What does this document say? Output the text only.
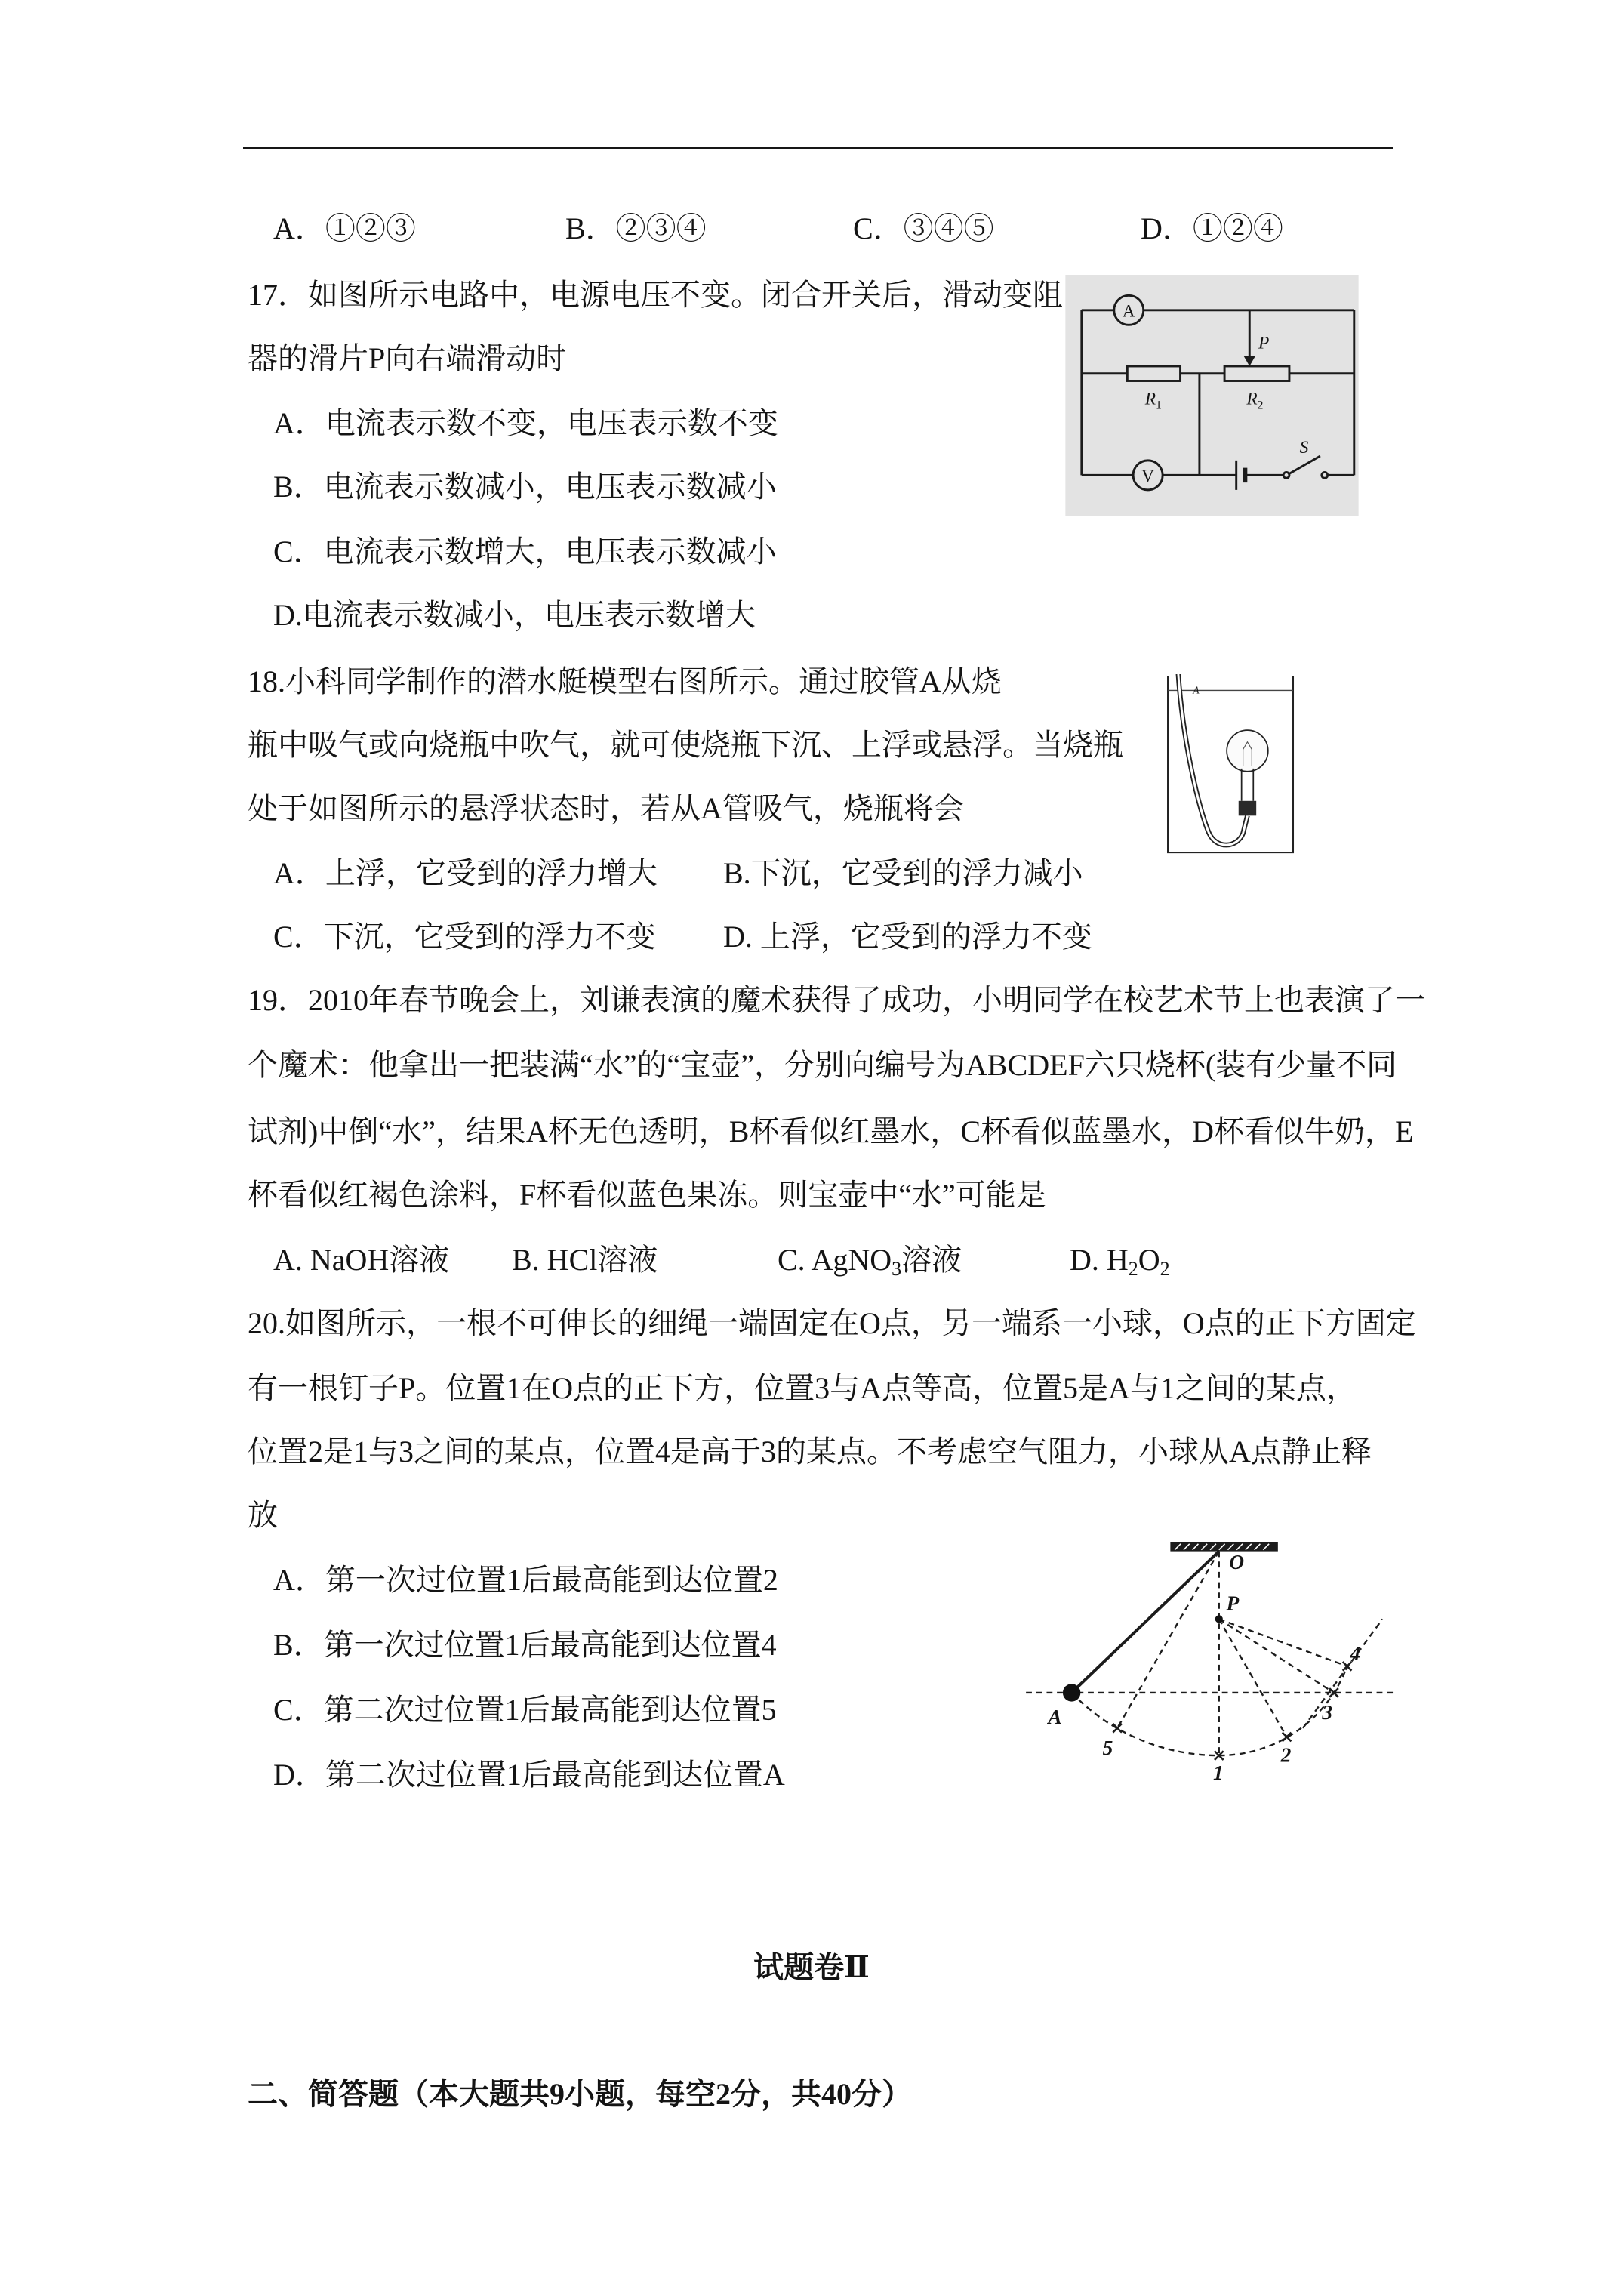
A．①②③	B．②③④	C．③④⑤	D．①②④
17．如图所示电路中，电源电压不变。闭合开关后，滑动变阻
器的滑片P向右端滑动时
A．电流表示数不变，电压表示数不变
B．电流表示数减小，电压表示数减小
C．电流表示数增大，电压表示数减小
D.电流表示数减小，电压表示数增大
A
V
P
$R_1$	$R_2$
S
18.小科同学制作的潜水艇模型右图所示。通过胶管A从烧
瓶中吸气或向烧瓶中吹气，就可使烧瓶下沉、上浮或悬浮。当烧瓶
处于如图所示的悬浮状态时，若从A管吸气，烧瓶将会
A．上浮，它受到的浮力增大 B.下沉，它受到的浮力减小
C．下沉，它受到的浮力不变 D. 上浮，它受到的浮力不变
A
19．2010年春节晚会上，刘谦表演的魔术获得了成功，小明同学在校艺术节上也表演了一
个魔术：他拿出一把装满“水”的“宝壶”，分别向编号为ABCDEF六只烧杯(装有少量不同
试剂)中倒“水”，结果A杯无色透明，B杯看似红墨水，C杯看似蓝墨水，D杯看似牛奶，E
杯看似红褐色涂料，F杯看似蓝色果冻。则宝壶中“水”可能是
A. NaOH溶液 B. HCl溶液	C. AgNO$_3$溶液	D. $H_2O_2$
20.如图所示，一根不可伸长的细绳一端固定在O点，另一端系一小球，O点的正下方固定
有一根钉子P。位置1在O点的正下方，位置3与A点等高，位置5是A与1之间的某点，
位置2是1与3之间的某点，位置4是高于3的某点。不考虑空气阻力，小球从A点静止释
放
A．第一次过位置1后最高能到达位置2
B．第一次过位置1后最高能到达位置4
C．第二次过位置1后最高能到达位置5
D．第二次过位置1后最高能到达位置A
O
P
A
1
2
3
4
5
试题卷Ⅱ
二、简答题（本大题共9小题，每空2分，共40分）
